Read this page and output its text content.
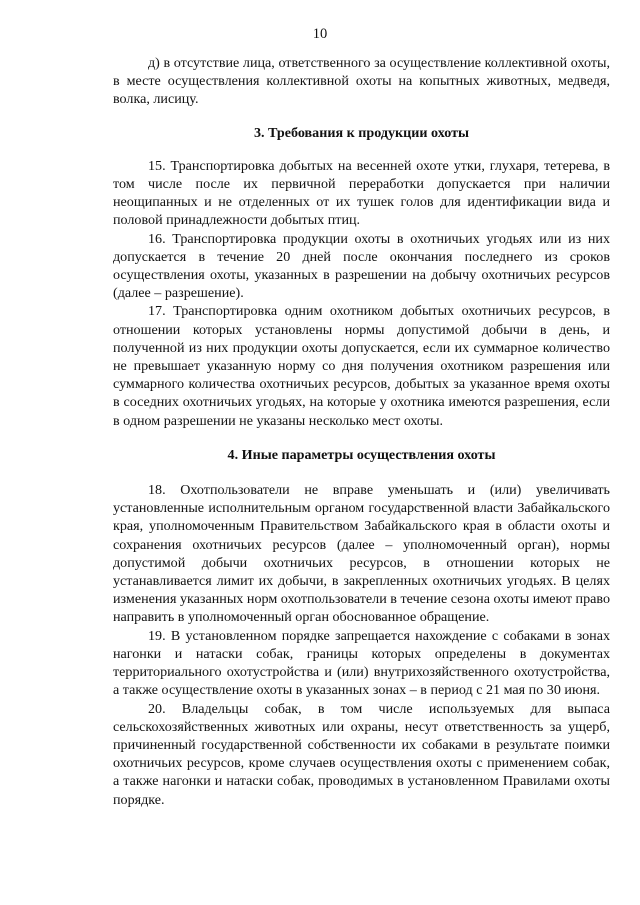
10

д) в отсутствие лица, ответственного за осуществление коллективной охоты, в месте осуществления коллективной охоты на копытных животных, медведя, волка, лисицу.

3. Требования к продукции охоты

15. Транспортировка добытых на весенней охоте утки, глухаря, тетерева, в том числе после их первичной переработки допускается при наличии неощипанных и не отделенных от их тушек голов для идентификации вида и половой принадлежности добытых птиц.

16. Транспортировка продукции охоты в охотничьих угодьях или из них допускается в течение 20 дней после окончания последнего из сроков осуществления охоты, указанных в разрешении на добычу охотничьих ресурсов (далее – разрешение).

17. Транспортировка одним охотником добытых охотничьих ресурсов, в отношении которых установлены нормы допустимой добычи в день, и полученной из них продукции охоты допускается, если их суммарное количество не превышает указанную норму со дня получения охотником разрешения или суммарного количества охотничьих ресурсов, добытых за указанное время охоты в соседних охотничьих угодьях, на которые у охотника имеются разрешения, если в одном разрешении не указаны несколько мест охоты.

4. Иные параметры осуществления охоты

18. Охотпользователи не вправе уменьшать и (или) увеличивать установленные исполнительным органом государственной власти Забайкальского края, уполномоченным Правительством Забайкальского края в области охоты и сохранения охотничьих ресурсов (далее – уполномоченный орган), нормы допустимой добычи охотничьих ресурсов, в отношении которых не устанавливается лимит их добычи, в закрепленных охотничьих угодьях. В целях изменения указанных норм охотпользователи в течение сезона охоты имеют право направить в уполномоченный орган обоснованное обращение.

19. В установленном порядке запрещается нахождение с собаками в зонах нагонки и натаски собак, границы которых определены в документах территориального охотустройства и (или) внутрихозяйственного охотустройства, а также осуществление охоты в указанных зонах – в период с 21 мая по 30 июня.

20. Владельцы собак, в том числе используемых для выпаса сельскохозяйственных животных или охраны, несут ответственность за ущерб, причиненный государственной собственности их собаками в результате поимки охотничьих ресурсов, кроме случаев осуществления охоты с применением собак, а также нагонки и натаски собак, проводимых в установленном Правилами охоты порядке.
